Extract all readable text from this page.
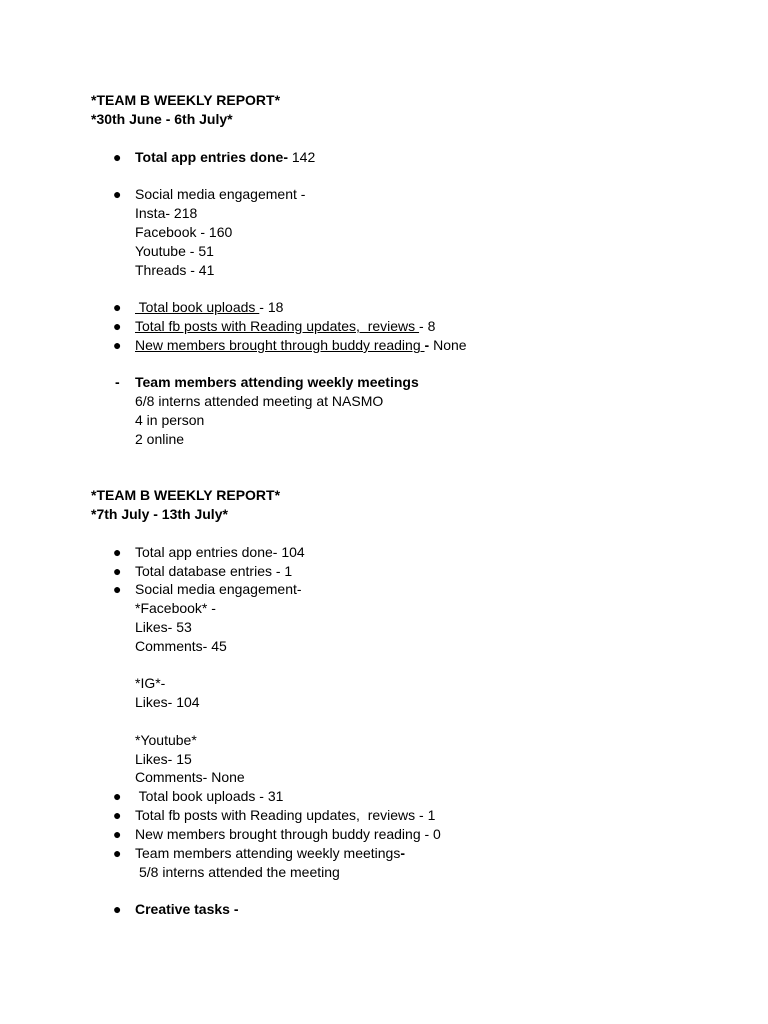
*TEAM B WEEKLY REPORT*
*30th June - 6th July*
● Total app entries done- 142
● Social media engagement -
Insta- 218
Facebook - 160
Youtube - 51
Threads - 41
● Total book uploads - 18
● Total fb posts with Reading updates,  reviews - 8
● New members brought through buddy reading - None
- Team members attending weekly meetings
6/8 interns attended meeting at NASMO
4 in person
2 online
*TEAM B WEEKLY REPORT*
*7th July - 13th July*
● Total app entries done- 104
● Total database entries - 1
● Social media engagement-
*Facebook* -
Likes- 53
Comments- 45
*IG*-
Likes- 104
*Youtube*
Likes- 15
Comments- None
● Total book uploads - 31
● Total fb posts with Reading updates,  reviews - 1
● New members brought through buddy reading - 0
● Team members attending weekly meetings-
5/8 interns attended the meeting
● Creative tasks -
